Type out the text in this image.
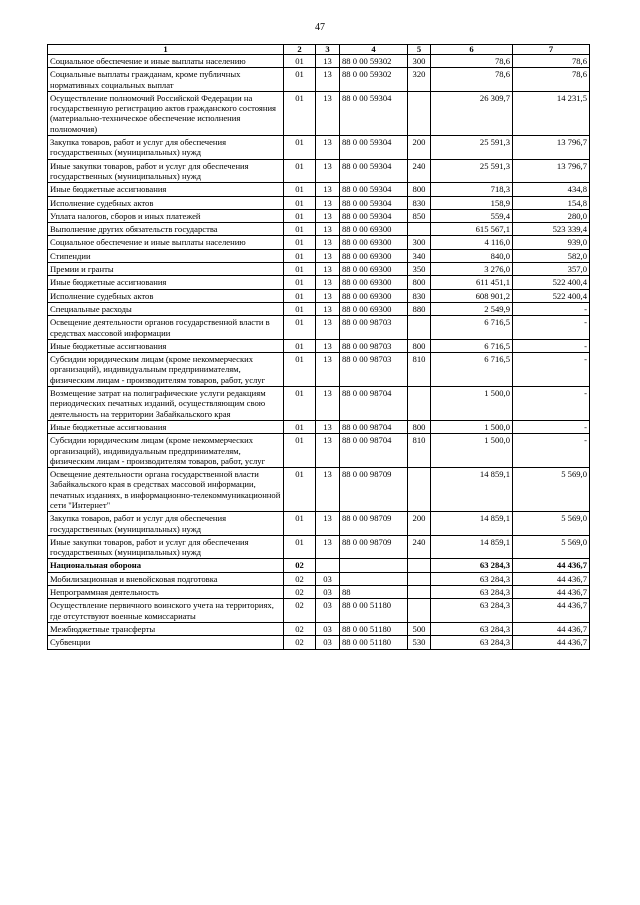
47
1	2	3	4	5	6	7
Социальное обеспечение и иные выплаты населению	01	13	88 0 00 59302	300	78,6	78,6
Социальные выплаты гражданам, кроме публичных нормативных социальных выплат	01	13	88 0 00 59302	320	78,6	78,6
Осуществление полномочий Российской Федерации на государственную регистрацию актов гражданского состояния (материально-техническое обеспечение исполнения полномочия)	01	13	88 0 00 59304		26 309,7	14 231,5
Закупка товаров, работ и услуг для обеспечения государственных (муниципальных) нужд	01	13	88 0 00 59304	200	25 591,3	13 796,7
Иные закупки товаров, работ и услуг для обеспечения государственных (муниципальных) нужд	01	13	88 0 00 59304	240	25 591,3	13 796,7
Иные бюджетные ассигнования	01	13	88 0 00 59304	800	718,3	434,8
Исполнение судебных актов	01	13	88 0 00 59304	830	158,9	154,8
Уплата налогов, сборов и иных платежей	01	13	88 0 00 59304	850	559,4	280,0
Выполнение других обязательств государства	01	13	88 0 00 69300		615 567,1	523 339,4
Социальное обеспечение и иные выплаты населению	01	13	88 0 00 69300	300	4 116,0	939,0
Стипендии	01	13	88 0 00 69300	340	840,0	582,0
Премии и гранты	01	13	88 0 00 69300	350	3 276,0	357,0
Иные бюджетные ассигнования	01	13	88 0 00 69300	800	611 451,1	522 400,4
Исполнение судебных актов	01	13	88 0 00 69300	830	608 901,2	522 400,4
Специальные расходы	01	13	88 0 00 69300	880	2 549,9	-
Освещение деятельности органов государственной власти в средствах массовой информации	01	13	88 0 00 98703		6 716,5	-
Иные бюджетные ассигнования	01	13	88 0 00 98703	800	6 716,5	-
Субсидии юридическим лицам (кроме некоммерческих организаций), индивидуальным предпринимателям, физическим лицам - производителям товаров, работ, услуг	01	13	88 0 00 98703	810	6 716,5	-
Возмещение затрат на полиграфические услуги редакциям периодических печатных изданий, осуществляющим свою деятельность на территории Забайкальского края	01	13	88 0 00 98704		1 500,0	-
Иные бюджетные ассигнования	01	13	88 0 00 98704	800	1 500,0	-
Субсидии юридическим лицам (кроме некоммерческих организаций), индивидуальным предпринимателям, физическим лицам - производителям товаров, работ, услуг	01	13	88 0 00 98704	810	1 500,0	-
Освещение деятельности органа государственной власти Забайкальского края в средствах массовой информации, печатных изданиях, в информационно-телекоммуникационной сети "Интернет"	01	13	88 0 00 98709		14 859,1	5 569,0
Закупка товаров, работ и услуг для обеспечения государственных (муниципальных) нужд	01	13	88 0 00 98709	200	14 859,1	5 569,0
Иные закупки товаров, работ и услуг для обеспечения государственных (муниципальных) нужд	01	13	88 0 00 98709	240	14 859,1	5 569,0
Национальная оборона	02				63 284,3	44 436,7
Мобилизационная и вневойсковая подготовка	02	03			63 284,3	44 436,7
Непрограммная деятельность	02	03	88		63 284,3	44 436,7
Осуществление первичного воинского учета на территориях, где отсутствуют военные комиссариаты	02	03	88 0 00 51180		63 284,3	44 436,7
Межбюджетные трансферты	02	03	88 0 00 51180	500	63 284,3	44 436,7
Субвенции	02	03	88 0 00 51180	530	63 284,3	44 436,7
